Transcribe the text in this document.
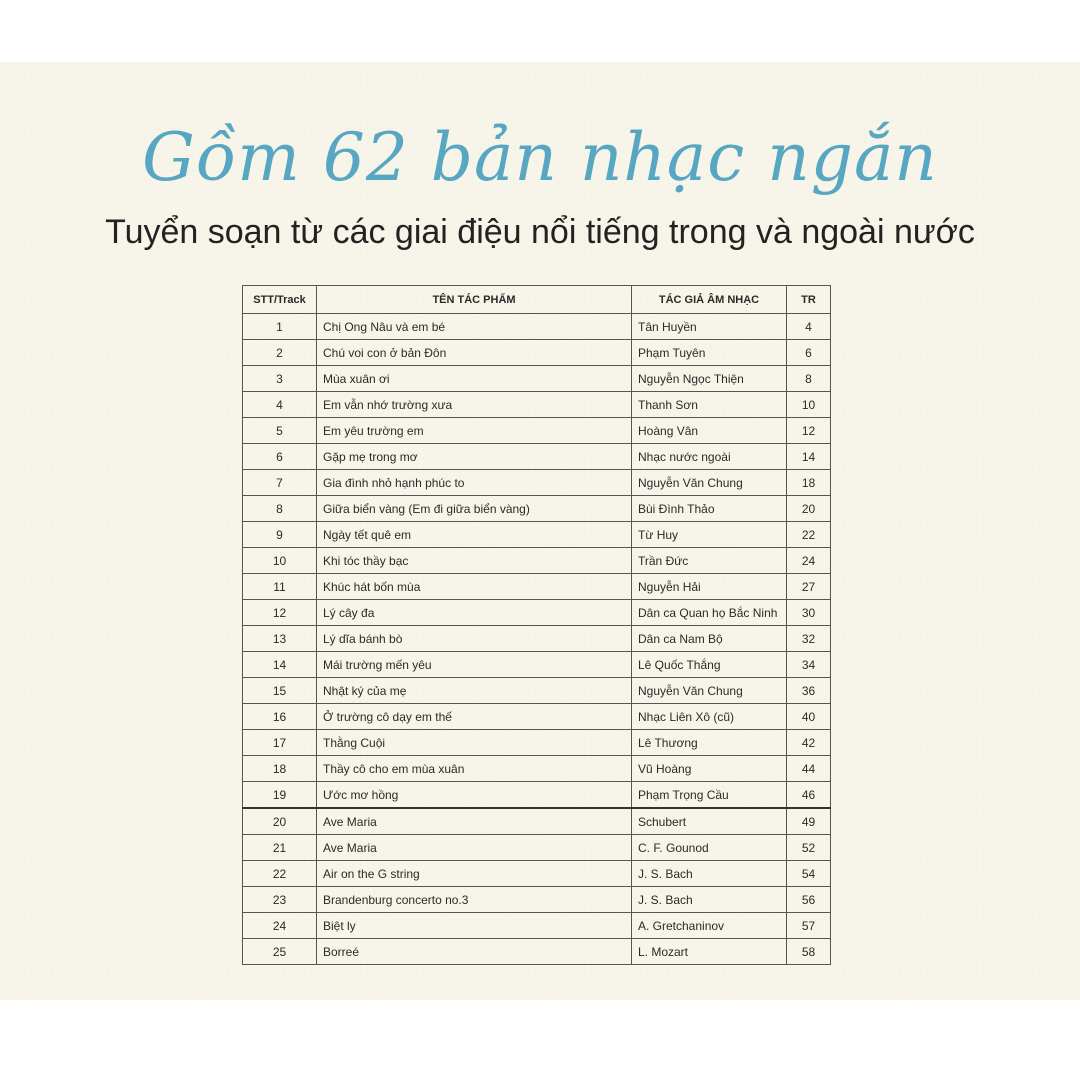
Gồm 62 bản nhạc ngắn
Tuyển soạn từ các giai điệu nổi tiếng trong và ngoài nước
STT/Track	TÊN TÁC PHẨM	TÁC GIẢ ÂM NHẠC	TR
1	Chị Ong Nâu và em bé	Tân Huyền	4
2	Chú voi con ở bản Đôn	Phạm Tuyên	6
3	Mùa xuân ơi	Nguyễn Ngọc Thiện	8
4	Em vẫn nhớ trường xưa	Thanh Sơn	10
5	Em yêu trường em	Hoàng Vân	12
6	Gặp mẹ trong mơ	Nhạc nước ngoài	14
7	Gia đình nhỏ hạnh phúc to	Nguyễn Văn Chung	18
8	Giữa biển vàng (Em đi giữa biển vàng)	Bùi Đình Thảo	20
9	Ngày tết quê em	Từ Huy	22
10	Khi tóc thầy bạc	Trần Đức	24
11	Khúc hát bốn mùa	Nguyễn Hải	27
12	Lý cây đa	Dân ca Quan họ Bắc Ninh	30
13	Lý dĩa bánh bò	Dân ca Nam Bộ	32
14	Mái trường mến yêu	Lê Quốc Thắng	34
15	Nhật ký của mẹ	Nguyễn Văn Chung	36
16	Ở trường cô dạy em thế	Nhạc Liên Xô (cũ)	40
17	Thằng Cuội	Lê Thương	42
18	Thầy cô cho em mùa xuân	Vũ Hoàng	44
19	Ước mơ hồng	Phạm Trọng Cầu	46
20	Ave Maria	Schubert	49
21	Ave Maria	C. F. Gounod	52
22	Air on the G string	J. S. Bach	54
23	Brandenburg concerto no.3	J. S. Bach	56
24	Biệt ly	A. Gretchaninov	57
25	Borreé	L. Mozart	58
